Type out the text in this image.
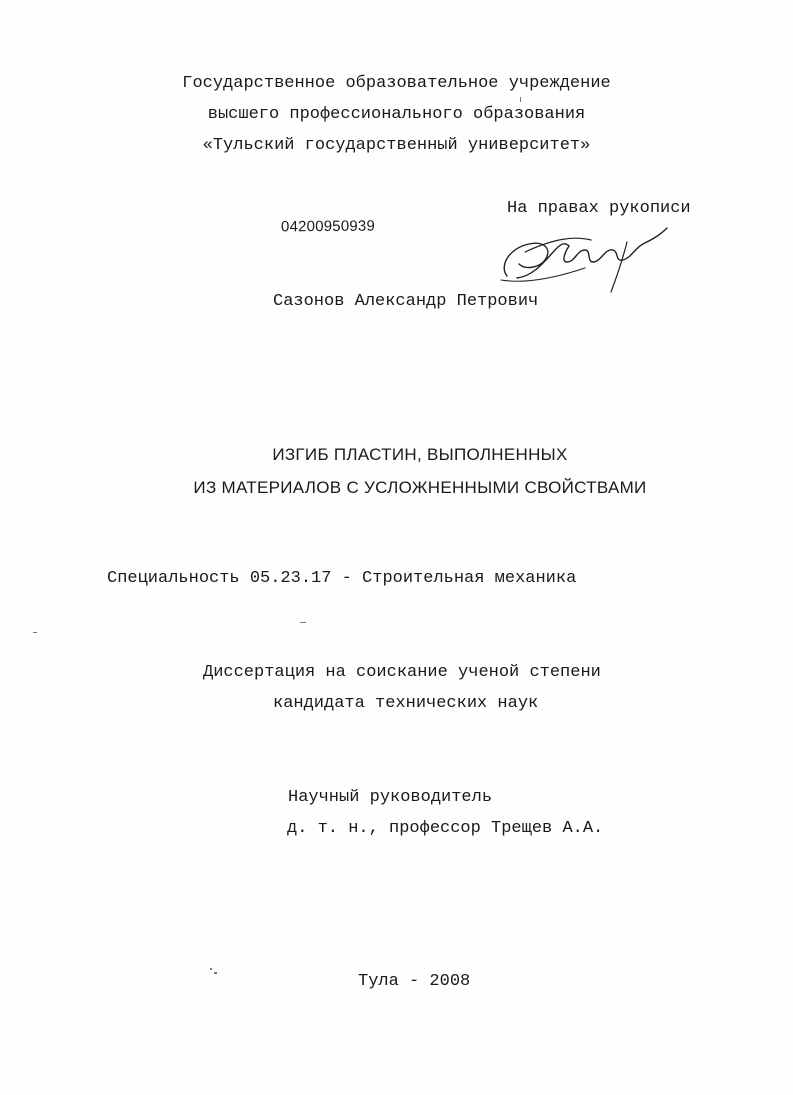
Государственное образовательное учреждение
высшего профессионального образования
«Тульский государственный университет»
На правах рукописи
04200950939
Сазонов Александр Петрович
ИЗГИБ ПЛАСТИН, ВЫПОЛНЕННЫХ
ИЗ МАТЕРИАЛОВ С УСЛОЖНЕННЫМИ СВОЙСТВАМИ
Специальность 05.23.17 - Строительная механика
Диссертация на соискание ученой степени
кандидата технических наук
Научный руководитель
д. т. н., профессор Трещев А.А.
Тула - 2008
